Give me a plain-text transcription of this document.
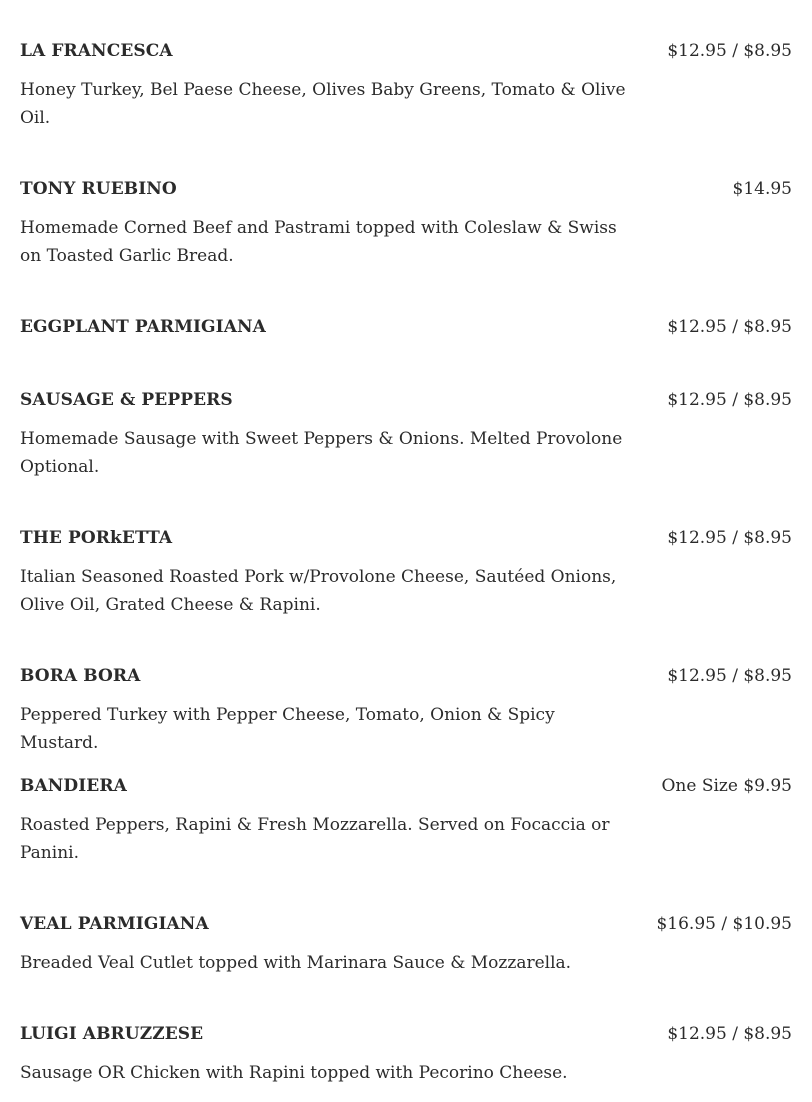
LA FRANCESCA	$12.95 / $8.95
Honey Turkey, Bel Paese Cheese, Olives Baby Greens, Tomato & Olive Oil.
TONY RUEBINO	$14.95
Homemade Corned Beef and Pastrami topped with Coleslaw & Swiss on Toasted Garlic Bread.
EGGPLANT PARMIGIANA	$12.95 / $8.95
SAUSAGE & PEPPERS	$12.95 / $8.95
Homemade Sausage with Sweet Peppers & Onions. Melted Provolone Optional.
THE PORkETTA	$12.95 / $8.95
Italian Seasoned Roasted Pork w/Provolone Cheese, Sautéed Onions, Olive Oil, Grated Cheese & Rapini.
BORA BORA	$12.95 / $8.95
Peppered Turkey with Pepper Cheese, Tomato, Onion & Spicy Mustard.
BANDIERA	One Size $9.95
Roasted Peppers, Rapini & Fresh Mozzarella. Served on Focaccia or Panini.
VEAL PARMIGIANA	$16.95 / $10.95
Breaded Veal Cutlet topped with Marinara Sauce & Mozzarella.
LUIGI ABRUZZESE	$12.95 / $8.95
Sausage OR Chicken with Rapini topped with Pecorino Cheese.
